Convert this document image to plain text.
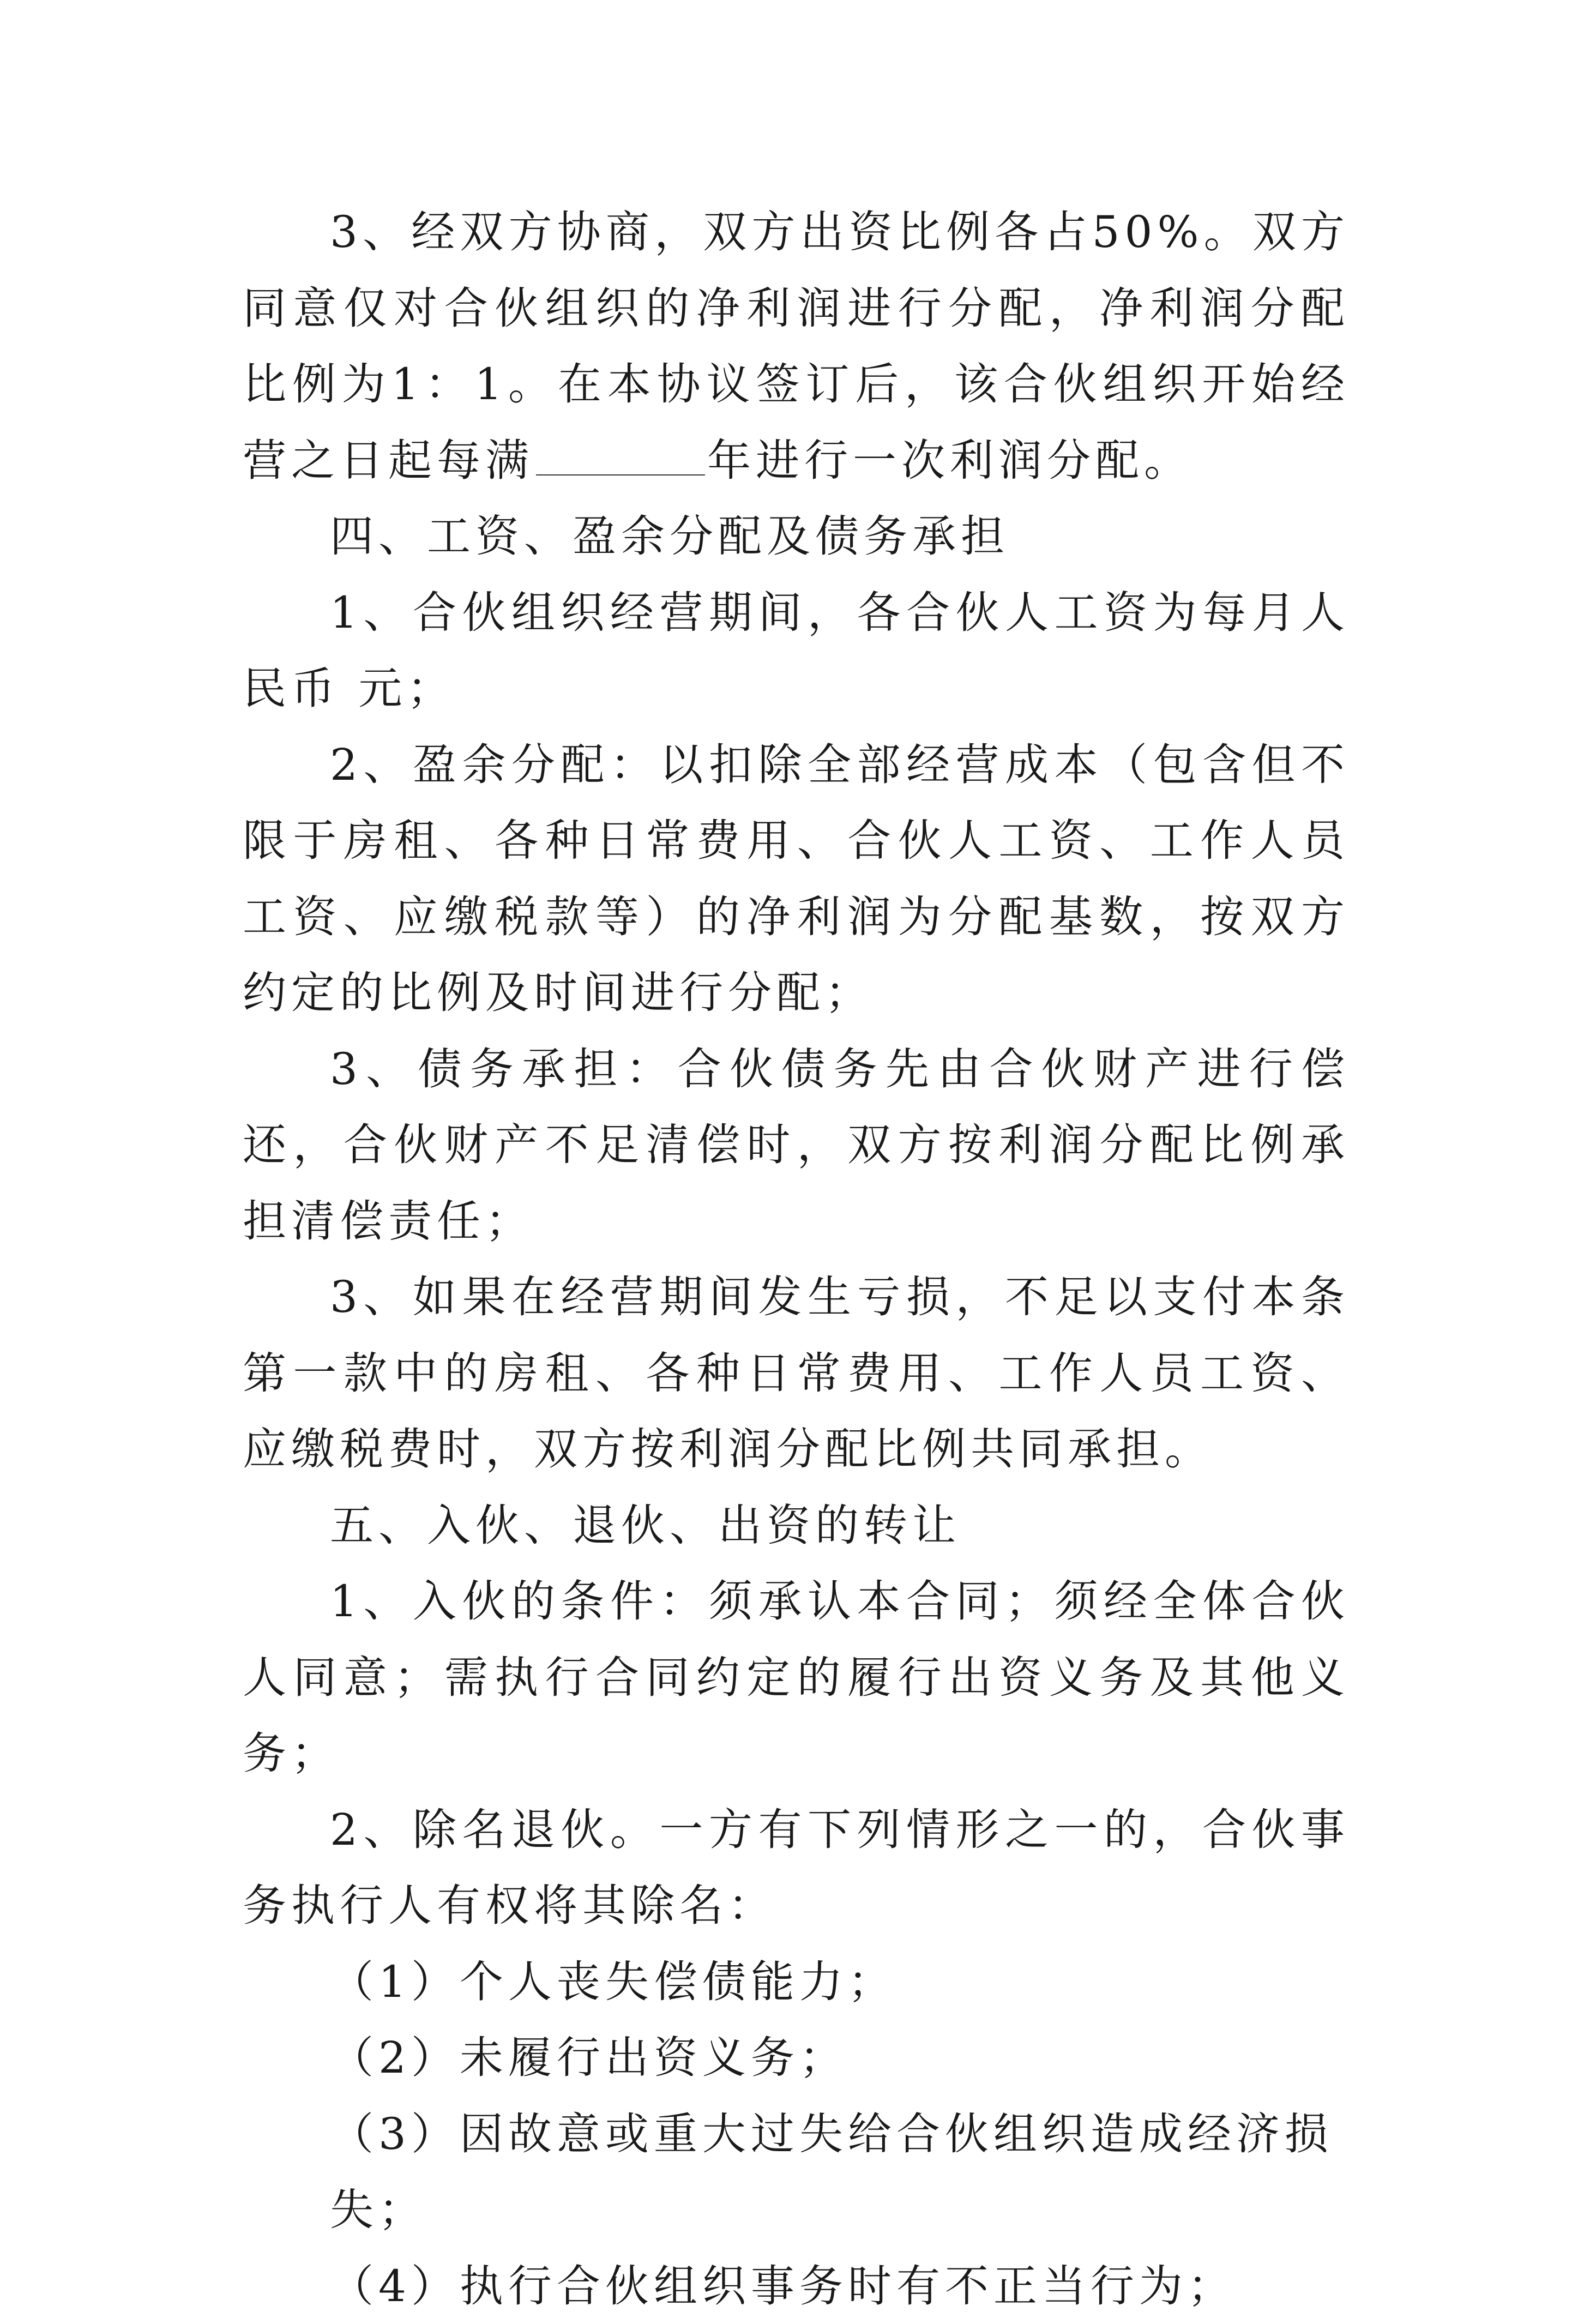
3、经双方协商，双方出资比例各占50%。双方同意仅对合伙组织的净利润进行分配，净利润分配比例为1：1。在本协议签订后，该合伙组织开始经营之日起每满	年进行一次利润分配。

四、工资、盈余分配及债务承担

1、合伙组织经营期间，各合伙人工资为每月人民币 元；

2、盈余分配：以扣除全部经营成本（包含但不限于房租、各种日常费用、合伙人工资、工作人员工资、应缴税款等）的净利润为分配基数，按双方约定的比例及时间进行分配；

3、债务承担：合伙债务先由合伙财产进行偿还，合伙财产不足清偿时，双方按利润分配比例承担清偿责任；

3、如果在经营期间发生亏损，不足以支付本条第一款中的房租、各种日常费用、工作人员工资、应缴税费时，双方按利润分配比例共同承担。

五、入伙、退伙、出资的转让

1、入伙的条件：须承认本合同；须经全体合伙人同意；需执行合同约定的履行出资义务及其他义务；

2、除名退伙。一方有下列情形之一的，合伙事务执行人有权将其除名：

（1）个人丧失偿债能力；

（2）未履行出资义务；

（3）因故意或重大过失给合伙组织造成经济损失；

（4）执行合伙组织事务时有不正当行为；
